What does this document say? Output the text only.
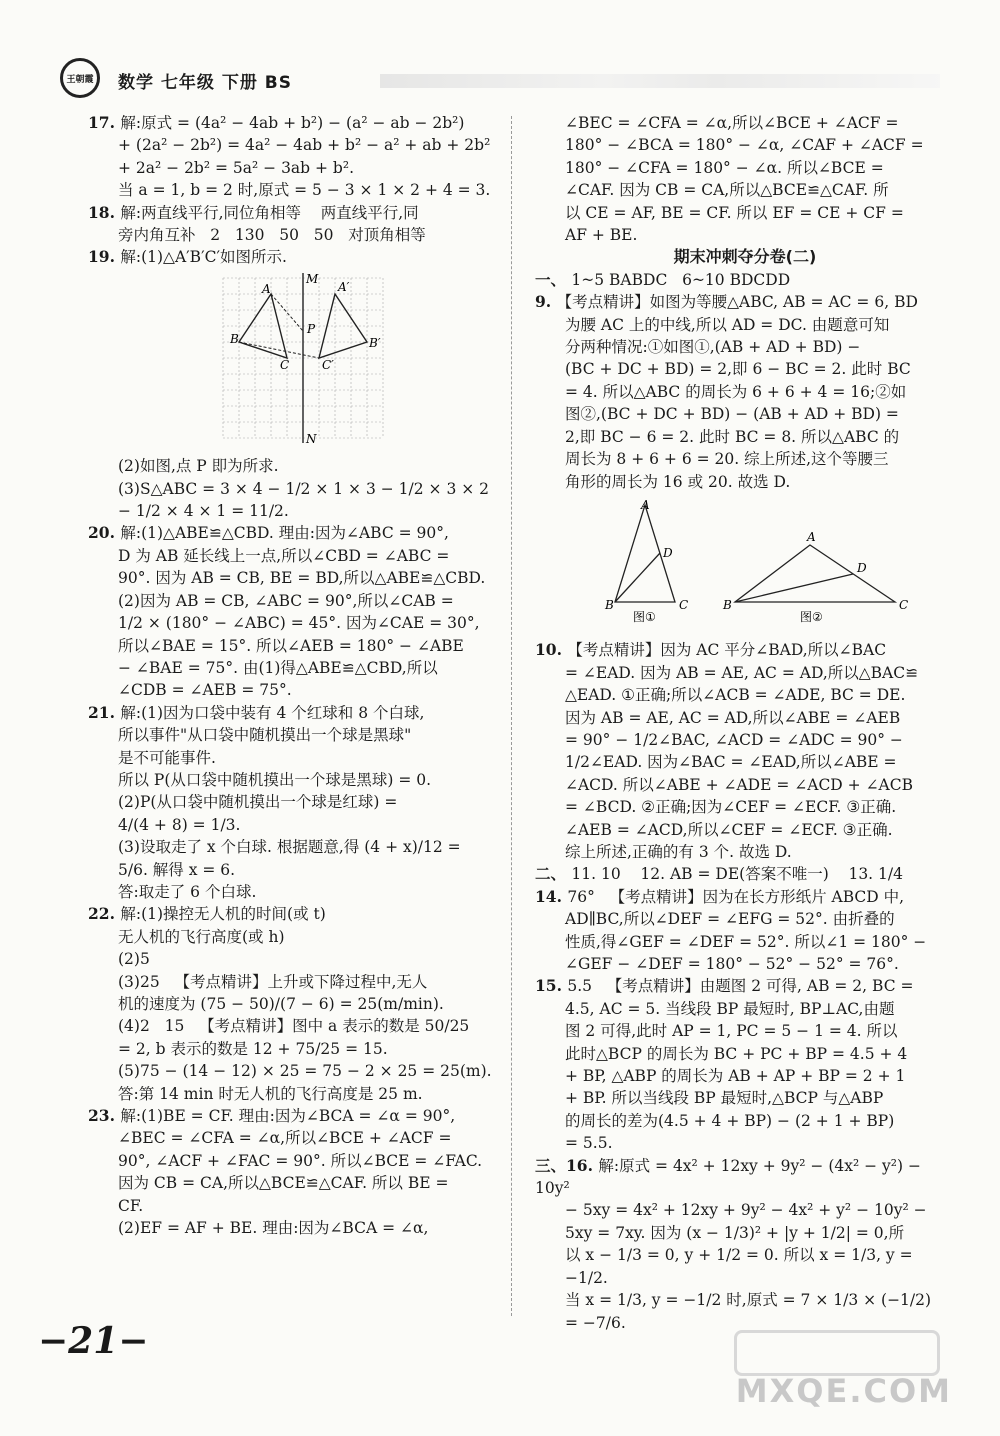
王朝霞	数学 七年级 下册 BS

17. 解:原式 = (4a² − 4ab + b²) − (a² − ab − 2b²)

+ (2a² − 2b²) = 4a² − 4ab + b² − a² + ab + 2b²

+ 2a² − 2b² = 5a² − 3ab + b².

当 a = 1, b = 2 时,原式 = 5 − 3 × 1 × 2 + 4 = 3.

18. 解:两直线平行,同位角相等    两直线平行,同

旁内角互补   2   130   50   50   对顶角相等

19. 解:(1)△A′B′C′如图所示.

M
N
A
B
C
A′
B′
C′
P

(2)如图,点 P 即为所求.

(3)S△ABC = 3 × 4 − 1/2 × 1 × 3 − 1/2 × 3 × 2

− 1/2 × 4 × 1 = 11/2.

20. 解:(1)△ABE≌△CBD. 理由:因为∠ABC = 90°,

D 为 AB 延长线上一点,所以∠CBD = ∠ABC =

90°. 因为 AB = CB, BE = BD,所以△ABE≌△CBD.

(2)因为 AB = CB, ∠ABC = 90°,所以∠CAB =

1/2 × (180° − ∠ABC) = 45°. 因为∠CAE = 30°,

所以∠BAE = 15°. 所以∠AEB = 180° − ∠ABE

− ∠BAE = 75°. 由(1)得△ABE≌△CBD,所以

∠CDB = ∠AEB = 75°.

21. 解:(1)因为口袋中装有 4 个红球和 8 个白球,

所以事件"从口袋中随机摸出一个球是黑球"

是不可能事件.

所以 P(从口袋中随机摸出一个球是黑球) = 0.

(2)P(从口袋中随机摸出一个球是红球) =

4/(4 + 8) = 1/3.

(3)设取走了 x 个白球. 根据题意,得 (4 + x)/12 =

5/6. 解得 x = 6.

答:取走了 6 个白球.

22. 解:(1)操控无人机的时间(或 t)

无人机的飞行高度(或 h)

(2)5

(3)25   【考点精讲】上升或下降过程中,无人

机的速度为 (75 − 50)/(7 − 6) = 25(m/min).

(4)2   15   【考点精讲】图中 a 表示的数是 50/25

= 2, b 表示的数是 12 + 75/25 = 15.

(5)75 − (14 − 12) × 25 = 75 − 2 × 25 = 25(m).

答:第 14 min 时无人机的飞行高度是 25 m.

23. 解:(1)BE = CF. 理由:因为∠BCA = ∠α = 90°,

∠BEC = ∠CFA = ∠α,所以∠BCE + ∠ACF =

90°, ∠ACF + ∠FAC = 90°. 所以∠BCE = ∠FAC.

因为 CB = CA,所以△BCE≌△CAF. 所以 BE =

CF.

(2)EF = AF + BE. 理由:因为∠BCA = ∠α,

∠BEC = ∠CFA = ∠α,所以∠BCE + ∠ACF =

180° − ∠BCA = 180° − ∠α, ∠CAF + ∠ACF =

180° − ∠CFA = 180° − ∠α. 所以∠BCE =

∠CAF. 因为 CB = CA,所以△BCE≌△CAF. 所

以 CE = AF, BE = CF. 所以 EF = CE + CF =

AF + BE.

期末冲刺夺分卷(二)

一、 1~5 BABDC   6~10 BDCDD

9. 【考点精讲】如图为等腰△ABC, AB = AC = 6, BD

为腰 AC 上的中线,所以 AD = DC. 由题意可知

分两种情况:①如图①,(AB + AD + BD) −

(BC + DC + BD) = 2,即 6 − BC = 2. 此时 BC

= 4. 所以△ABC 的周长为 6 + 6 + 4 = 16;②如

图②,(BC + DC + BD) − (AB + AD + BD) =

2,即 BC − 6 = 2. 此时 BC = 8. 所以△ABC 的

周长为 8 + 6 + 6 = 20. 综上所述,这个等腰三

角形的周长为 16 或 20. 故选 D.

A
B	C
D
A
B	C
D
图①	图②

10. 【考点精讲】因为 AC 平分∠BAD,所以∠BAC

= ∠EAD. 因为 AB = AE, AC = AD,所以△BAC≌

△EAD. ①正确;所以∠ACB = ∠ADE, BC = DE.

因为 AB = AE, AC = AD,所以∠ABE = ∠AEB

= 90° − 1/2∠BAC, ∠ACD = ∠ADC = 90° −

1/2∠EAD. 因为∠BAC = ∠EAD,所以∠ABE =

∠ACD. 所以∠ABE + ∠ADE = ∠ACD + ∠ACB

= ∠BCD. ②正确;因为∠CEF = ∠ECF. ③正确.

∠AEB = ∠ACD,所以∠CEF = ∠ECF. ③正确.

综上所述,正确的有 3 个. 故选 D.

二、 11. 10    12. AB = DE(答案不唯一)    13. 1/4

14. 76°   【考点精讲】因为在长方形纸片 ABCD 中,

AD∥BC,所以∠DEF = ∠EFG = 52°. 由折叠的

性质,得∠GEF = ∠DEF = 52°. 所以∠1 = 180° −

∠GEF − ∠DEF = 180° − 52° − 52° = 76°.

15. 5.5   【考点精讲】由题图 2 可得, AB = 2, BC =

4.5, AC = 5. 当线段 BP 最短时, BP⊥AC,由题

图 2 可得,此时 AP = 1, PC = 5 − 1 = 4. 所以

此时△BCP 的周长为 BC + PC + BP = 4.5 + 4

+ BP, △ABP 的周长为 AB + AP + BP = 2 + 1

+ BP. 所以当线段 BP 最短时,△BCP 与△ABP

的周长的差为(4.5 + 4 + BP) − (2 + 1 + BP)

= 5.5.

三、16. 解:原式 = 4x² + 12xy + 9y² − (4x² − y²) − 10y²

− 5xy = 4x² + 12xy + 9y² − 4x² + y² − 10y² −

5xy = 7xy. 因为 (x − 1/3)² + |y + 1/2| = 0,所

以 x − 1/3 = 0, y + 1/2 = 0. 所以 x = 1/3, y = −1/2.

当 x = 1/3, y = −1/2 时,原式 = 7 × 1/3 × (−1/2)

= −7/6.

−21−
MXQE.COM
